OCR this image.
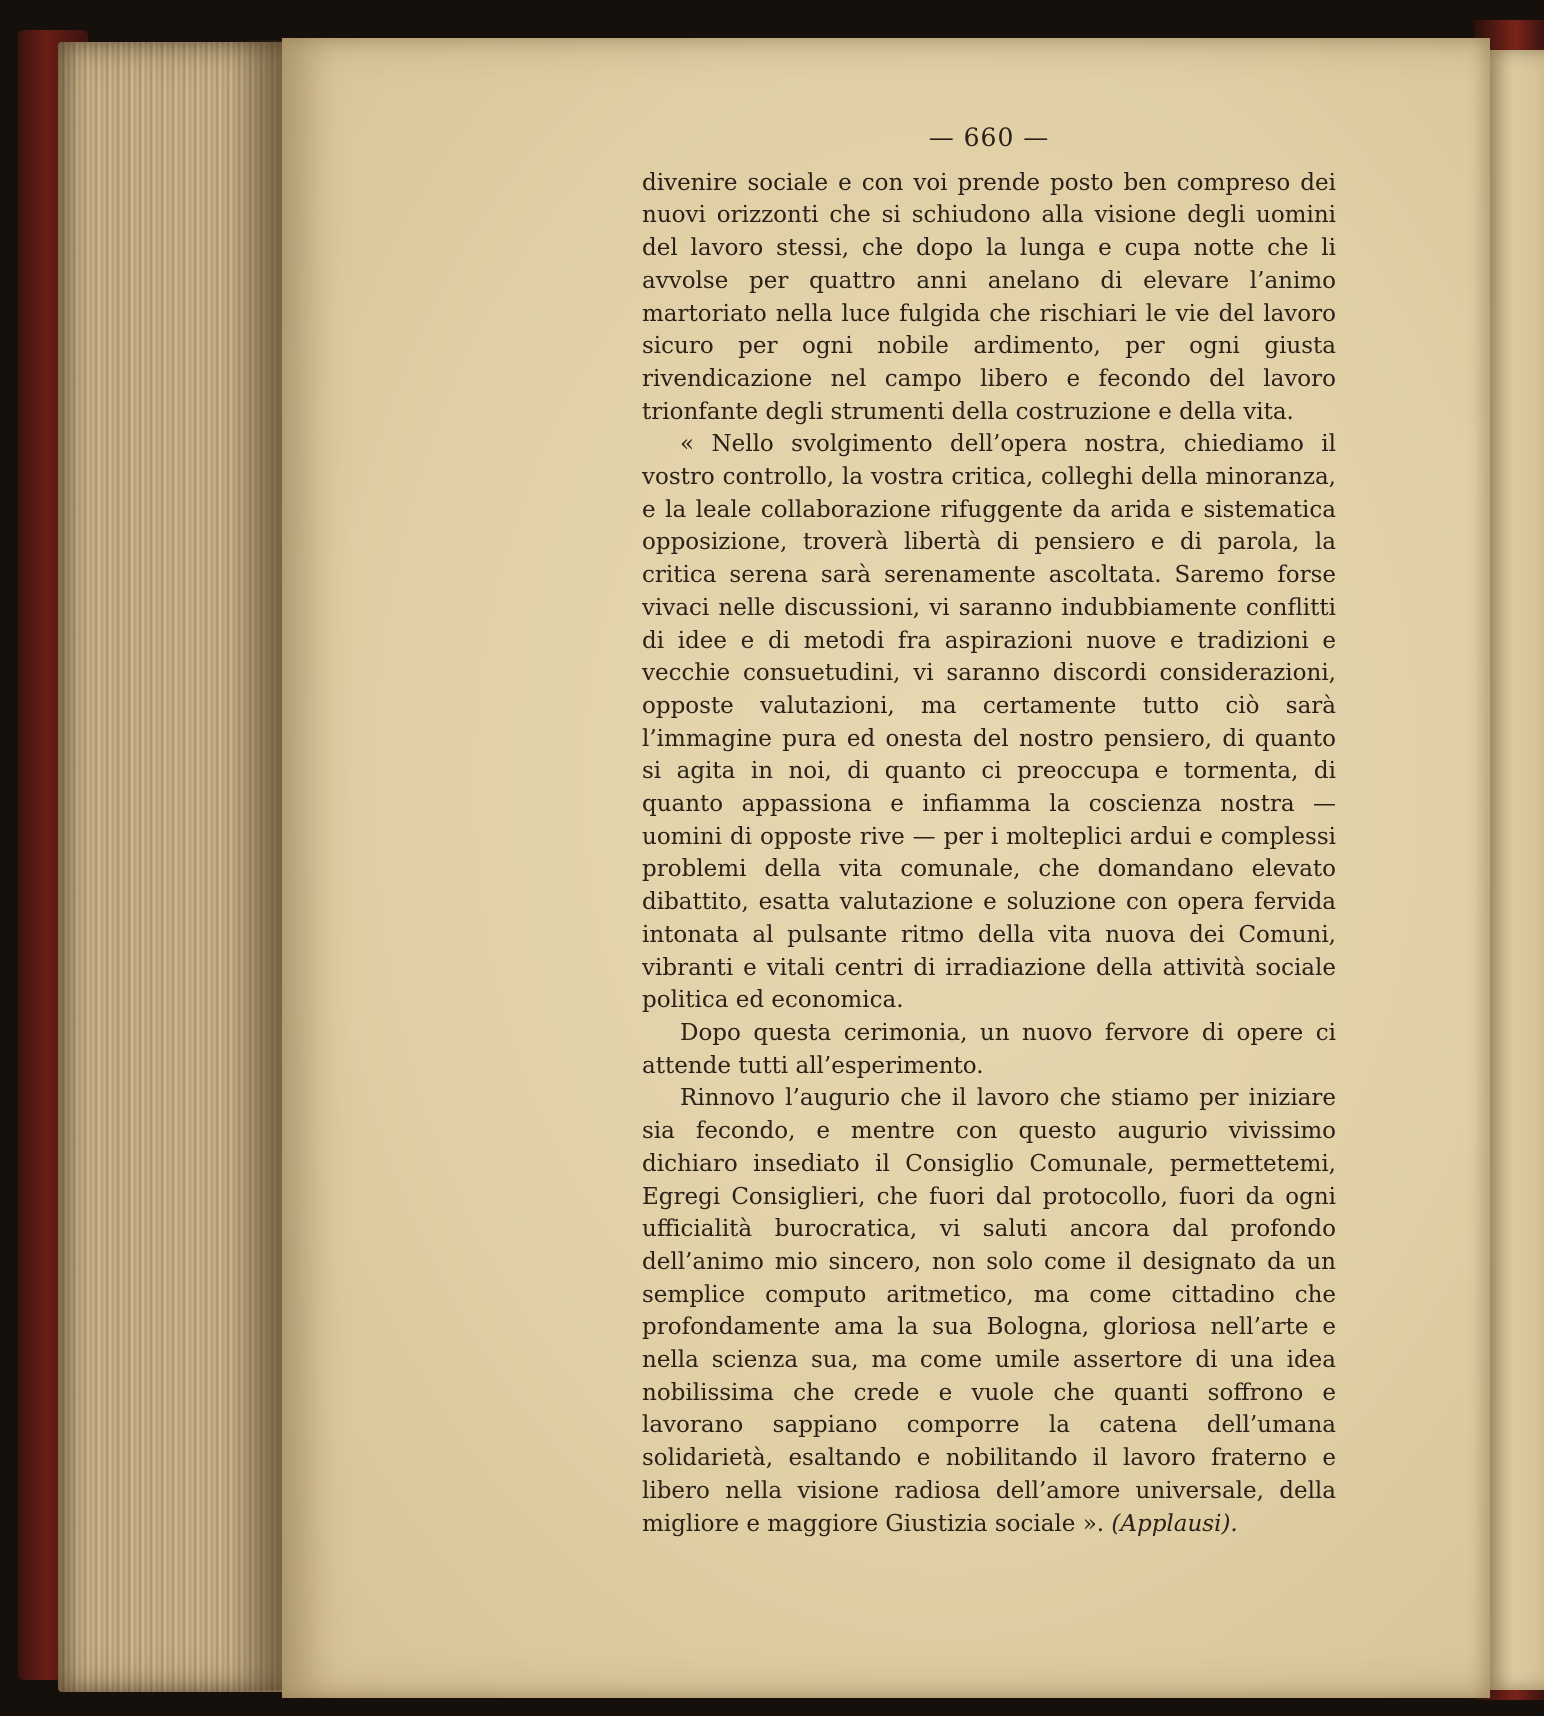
— 660 —

divenire sociale e con voi prende posto ben compreso dei nuovi orizzonti che si schiudono alla visione degli uomini del lavoro stessi, che dopo la lunga e cupa notte che li avvolse per quattro anni anelano di elevare l’animo martoriato nella luce fulgida che rischiari le vie del lavoro sicuro per ogni nobile ardimento, per ogni giusta rivendicazione nel campo libero e fecondo del lavoro trionfante degli strumenti della costruzione e della vita.

« Nello svolgimento dell’opera nostra, chiediamo il vostro controllo, la vostra critica, colleghi della minoranza, e la leale collaborazione rifuggente da arida e sistematica opposizione, troverà libertà di pensiero e di parola, la critica serena sarà serenamente ascoltata. Saremo forse vivaci nelle discussioni, vi saranno indubbiamente conflitti di idee e di metodi fra aspirazioni nuove e tradizioni e vecchie consuetudini, vi saranno discordi considerazioni, opposte valutazioni, ma certamente tutto ciò sarà l’immagine pura ed onesta del nostro pensiero, di quanto si agita in noi, di quanto ci preoccupa e tormenta, di quanto appassiona e infiamma la coscienza nostra — uomini di opposte rive — per i molteplici ardui e complessi problemi della vita comunale, che domandano elevato dibattito, esatta valutazione e soluzione con opera fervida intonata al pulsante ritmo della vita nuova dei Comuni, vibranti e vitali centri di irradiazione della attività sociale politica ed economica.

Dopo questa cerimonia, un nuovo fervore di opere ci attende tutti all’esperimento.

Rinnovo l’augurio che il lavoro che stiamo per iniziare sia fecondo, e mentre con questo augurio vivissimo dichiaro insediato il Consiglio Comunale, permettetemi, Egregi Consiglieri, che fuori dal protocollo, fuori da ogni ufficialità burocratica, vi saluti ancora dal profondo dell’animo mio sincero, non solo come il designato da un semplice computo aritmetico, ma come cittadino che profondamente ama la sua Bologna, gloriosa nell’arte e nella scienza sua, ma come umile assertore di una idea nobilissima che crede e vuole che quanti soffrono e lavorano sappiano comporre la catena dell’umana solidarietà, esaltando e nobilitando il lavoro fraterno e libero nella visione radiosa dell’amore universale, della migliore e maggiore Giustizia sociale ». (Applausi).
